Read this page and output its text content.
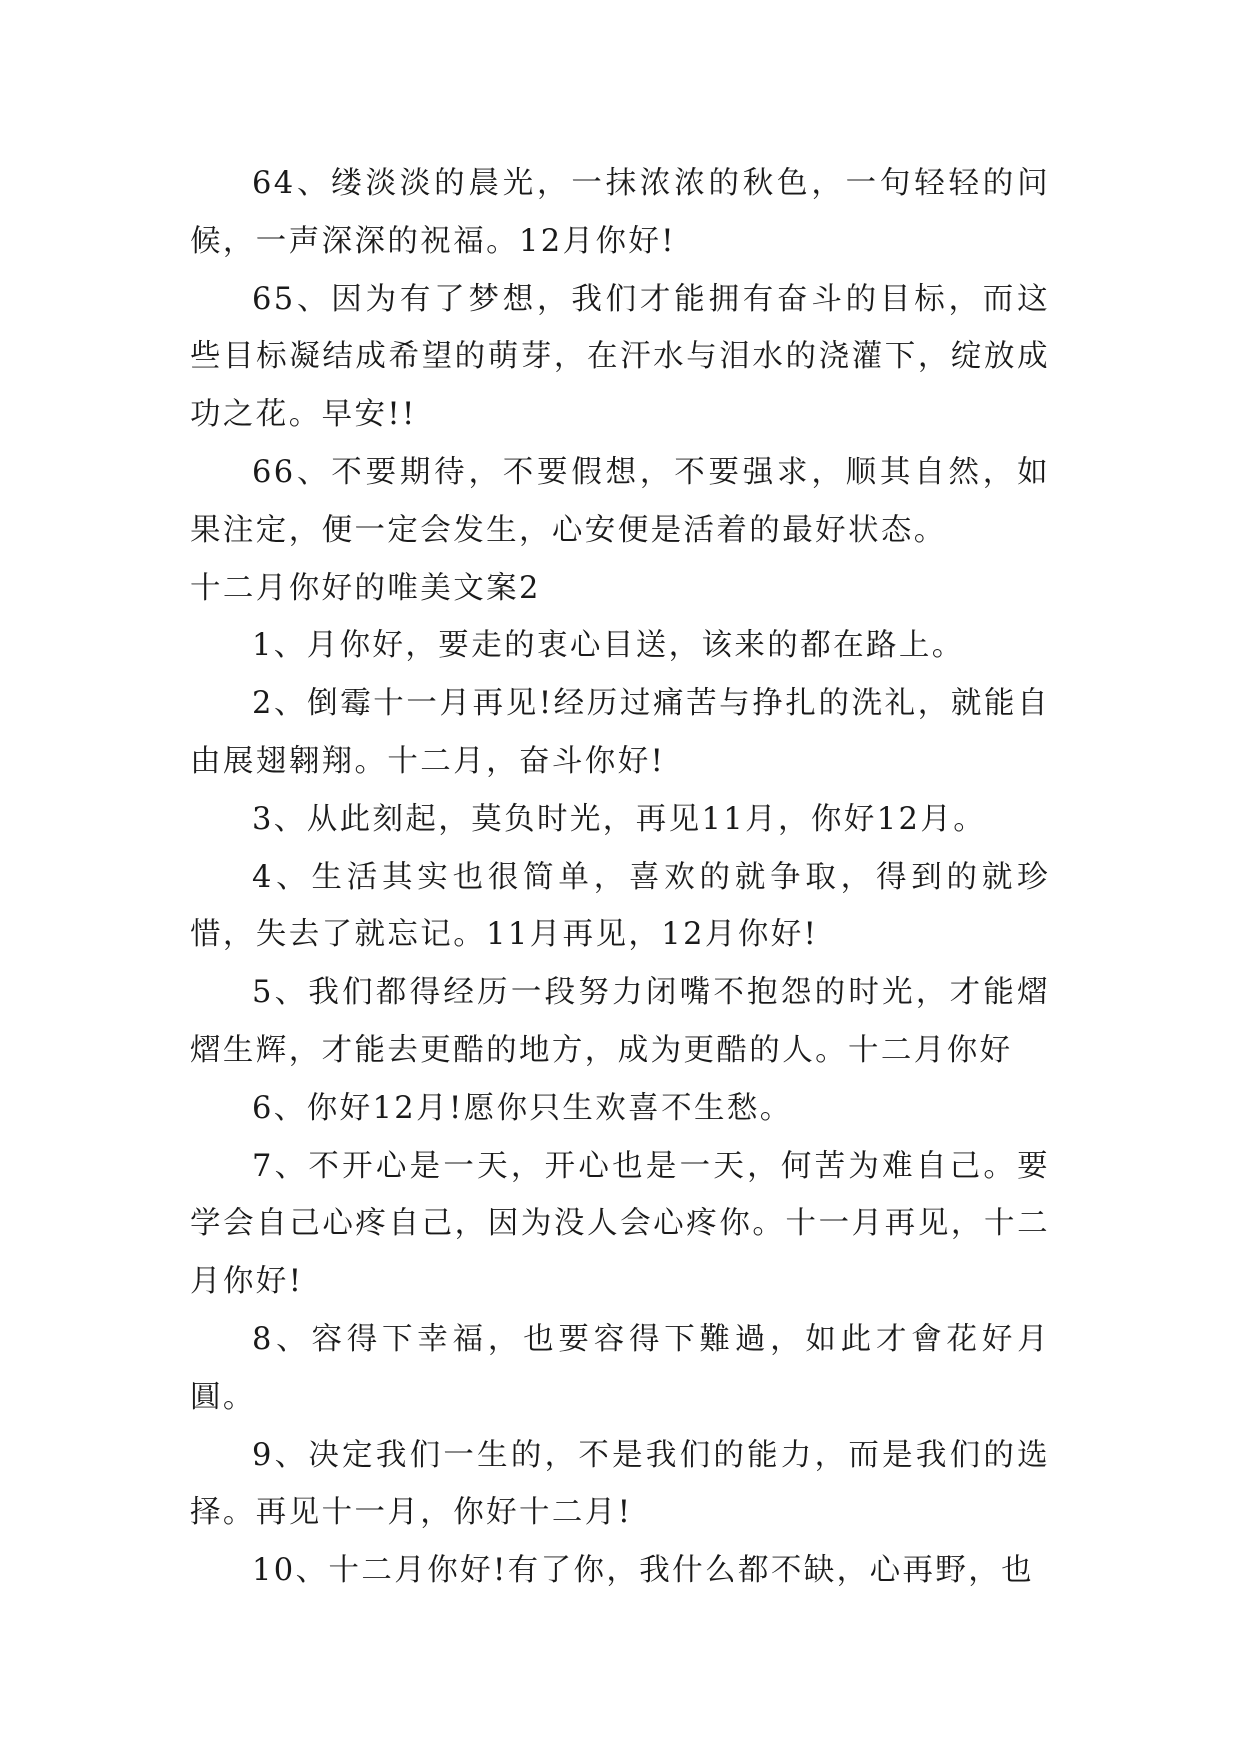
64、缕淡淡的晨光，一抹浓浓的秋色，一句轻轻的问候，一声深深的祝福。12月你好!

65、因为有了梦想，我们才能拥有奋斗的目标，而这些目标凝结成希望的萌芽，在汗水与泪水的浇灌下，绽放成功之花。早安!!

66、不要期待，不要假想，不要强求，顺其自然，如果注定，便一定会发生，心安便是活着的最好状态。

十二月你好的唯美文案2

1、月你好，要走的衷心目送，该来的都在路上。

2、倒霉十一月再见!经历过痛苦与挣扎的洗礼，就能自由展翅翱翔。十二月，奋斗你好!

3、从此刻起，莫负时光，再见11月，你好12月。

4、生活其实也很简单，喜欢的就争取，得到的就珍惜，失去了就忘记。11月再见，12月你好!

5、我们都得经历一段努力闭嘴不抱怨的时光，才能熠熠生辉，才能去更酷的地方，成为更酷的人。十二月你好

6、你好12月!愿你只生欢喜不生愁。

7、不开心是一天，开心也是一天，何苦为难自己。要学会自己心疼自己，因为没人会心疼你。十一月再见，十二月你好!

8、容得下幸福，也要容得下難過，如此才會花好月圓。

9、决定我们一生的，不是我们的能力，而是我们的选择。再见十一月，你好十二月!

10、十二月你好!有了你，我什么都不缺，心再野，也
